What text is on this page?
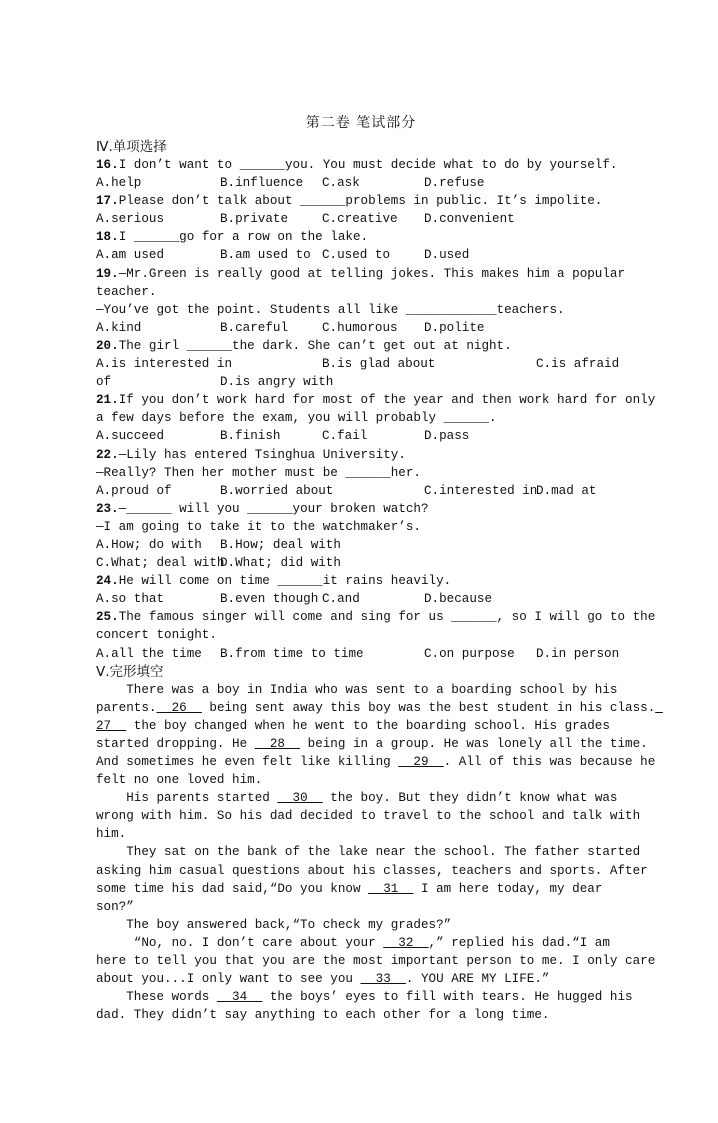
第二卷 笔试部分
Ⅳ.单项选择
16.I don’t want to ______you. You must decide what to do by yourself.
A.help	B.influence C.ask	D.refuse
17.Please don’t talk about ______problems in public. It’s impolite.
A.serious	B.private	C.creative D.convenient
18.I ______go for a row on the lake.
A.am used	B.am used to C.used to	D.used
19.—Mr.Green is really good at telling jokes. This makes him a popular
teacher.
—You’ve got the point. Students all like ____________teachers.
A.kind	B.careful	C.humorous D.polite
20.The girl ______the dark. She can’t get out at night.
A.is interested in	B.is glad about	C.is afraid
of	D.is angry with
21.If you don’t work hard for most of the year and then work hard for only
a few days before the exam, you will probably ______.
A.succeed	B.finish	C.fail	D.pass
22.—Lily has entered Tsinghua University.
—Really? Then her mother must be ______her.
A.proud of	B.worried about	C.interested in
D.mad at
23.—______ will you ______your broken watch?
—I am going to take it to the watchmaker’s.
A.How; do with B.How; deal with
C.What; deal with
D.What; did with
24.He will come on time ______it rains heavily.
A.so that	B.even though C.and	D.because
25.The famous singer will come and sing for us ______, so I will go to the
concert tonight.
A.all the time B.from time to time	C.on purpose D.in person
Ⅴ.完形填空
There was a boy in India who was sent to a boarding school by his
parents.__26__ being sent away this boy was the best student in his class._
27__ the boy changed when he went to the boarding school. His grades
started dropping. He __28__ being in a group. He was lonely all the time.
And sometimes he even felt like killing __29__. All of this was because he
felt no one loved him.
His parents started __30__ the boy. But they didn’t know what was
wrong with him. So his dad decided to travel to the school and talk with
him.
They sat on the bank of the lake near the school. The father started
asking him casual questions about his classes, teachers and sports. After
some time his dad said,“Do you know __31__ I am here today, my dear
son?”
The boy answered back,“To check my grades?”
“No, no. I don’t care about your __32__,” replied his dad.“I am
here to tell you that you are the most important person to me. I only care
about you...I only want to see you __33__. YOU ARE MY LIFE.”
These words __34__ the boys’ eyes to fill with tears. He hugged his
dad. They didn’t say anything to each other for a long time.
